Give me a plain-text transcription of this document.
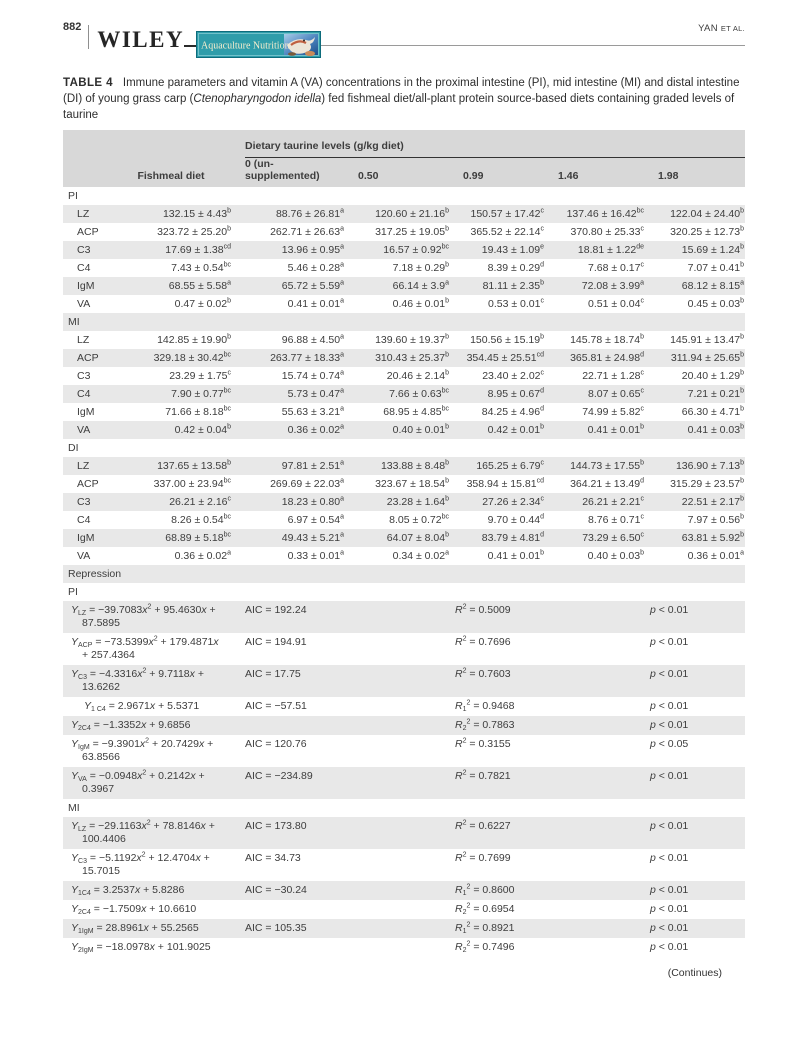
882 WILEY Aquaculture Nutrition
YAN ET AL.

TABLE 4 Immune parameters and vitamin A (VA) concentrations in the proximal intestine (PI), mid intestine (MI) and distal intestine (DI) of young grass carp (Ctenopharyngodon idella) fed fishmeal diet/all-plant protein source-based diets containing graded levels of taurine

		Dietary taurine levels (g/kg diet)				

	Fishmeal diet	0 (un-supplemented)	0.50	0.99	1.46	1.98
PI						
LZ	132.15 ± 4.43$^b$	88.76 ± 26.81$^a$	120.60 ± 21.16$^b$	150.57 ± 17.42$^c$	137.46 ± 16.42$^{bc}$	122.04 ± 24.40$^b$
ACP	323.72 ± 25.20$^b$	262.71 ± 26.63$^a$	317.25 ± 19.05$^b$	365.52 ± 22.14$^c$	370.80 ± 25.33$^c$	320.25 ± 12.73$^b$
C3	17.69 ± 1.38$^{cd}$	13.96 ± 0.95$^a$	16.57 ± 0.92$^{bc}$	19.43 ± 1.09$^e$	18.81 ± 1.22de	15.69 ± 1.24$^b$
C4	7.43 ± 0.54$^{bc}$	5.46 ± 0.28$^a$	7.18 ± 0.29$^b$	8.39 ± 0.29$^d$	7.68 ± 0.17$^c$	7.07 ± 0.41$^b$
IgM	68.55 ± 5.58$^a$	65.72 ± 5.59$^a$	66.14 ± 3.9$^a$	81.11 ± 2.35$^b$	72.08 ± 3.99$^a$	68.12 ± 8.15$^a$
VA	0.47 ± 0.02$^b$	0.41 ± 0.01$^a$	0.46 ± 0.01$^b$	0.53 ± 0.01$^c$	0.51 ± 0.04$^c$	0.45 ± 0.03$^b$
MI						
LZ	142.85 ± 19.90$^b$	96.88 ± 4.50$^a$	139.60 ± 19.37$^b$	150.56 ± 15.19$^b$	145.78 ± 18.74$^b$	145.91 ± 13.47$^b$
ACP	329.18 ± 30.42$^{bc}$	263.77 ± 18.33$^a$	310.43 ± 25.37$^b$	354.45 ± 25.51$^{cd}$	365.81 ± 24.98$^d$	311.94 ± 25.65$^b$
C3	23.29 ± 1.75$^c$	15.74 ± 0.74$^a$	20.46 ± 2.14$^b$	23.40 ± 2.02$^c$	22.71 ± 1.28$^c$	20.40 ± 1.29$^b$
C4	7.90 ± 0.77$^{bc}$	5.73 ± 0.47$^a$	7.66 ± 0.63$^{bc}$	8.95 ± 0.67$^d$	8.07 ± 0.65$^c$	7.21 ± 0.21$^b$
IgM	71.66 ± 8.18$^{bc}$	55.63 ± 3.21$^a$	68.95 ± 4.85$^{bc}$	84.25 ± 4.96$^d$	74.99 ± 5.82$^c$	66.30 ± 4.71$^b$
VA	0.42 ± 0.04$^b$	0.36 ± 0.02$^a$	0.40 ± 0.01$^b$	0.42 ± 0.01$^b$	0.41 ± 0.01$^b$	0.41 ± 0.03$^b$
DI						
LZ	137.65 ± 13.58$^b$	97.81 ± 2.51$^a$	133.88 ± 8.48$^b$	165.25 ± 6.79$^c$	144.73 ± 17.55$^b$	136.90 ± 7.13$^b$
ACP	337.00 ± 23.94$^{bc}$	269.69 ± 22.03$^a$	323.67 ± 18.54$^b$	358.94 ± 15.81$^{cd}$	364.21 ± 13.49$^d$	315.29 ± 23.57$^b$
C3	26.21 ± 2.16$^c$	18.23 ± 0.80$^a$	23.28 ± 1.64$^b$	27.26 ± 2.34$^c$	26.21 ± 2.21$^c$	22.51 ± 2.17$^b$
C4	8.26 ± 0.54$^{bc}$	6.97 ± 0.54$^a$	8.05 ± 0.72$^{bc}$	9.70 ± 0.44$^d$	8.76 ± 0.71$^c$	7.97 ± 0.56$^b$
IgM	68.89 ± 5.18$^{bc}$	49.43 ± 5.21$^a$	64.07 ± 8.04$^b$	83.79 ± 4.81$^d$	73.29 ± 6.50$^c$	63.81 ± 5.92$^b$
VA	0.36 ± 0.02$^a$	0.33 ± 0.01$^a$	0.34 ± 0.02$^a$	0.41 ± 0.01$^b$	0.40 ± 0.03$^b$	0.36 ± 0.01$^a$
Repression						
PI						
$Y_{LZ} = -39.7083x^2 + 95.4630x + 87.5895$		AIC = 192.24		$R^2 = 0.5009$		p < 0.01
$Y_{ACP} = -73.5399x^2 + 179.4871x + 257.4364$		AIC = 194.91		$R^2 = 0.7696$		p < 0.01
$Y_{C3} = -4.3316x^2 + 9.7118x + 13.6262$		AIC = 17.75		$R^2 = 0.7603$		p < 0.01
$Y_{1 C4} = 2.9671x + 5.5371$		AIC = −57.51		$R_1^2 = 0.9468$		p < 0.01
$Y_{2C4} = -1.3352x + 9.6856$				$R_2^2 = 0.7863$		p < 0.01
$Y_{IgM} = -9.3901x^2 + 20.7429x + 63.8566$		AIC = 120.76		$R^2 = 0.3155$		p < 0.05
$Y_{VA} = -0.0948x^2 + 0.2142x + 0.3967$		AIC = −234.89		$R^2 = 0.7821$		p < 0.01
MI						
$Y_{LZ} = -29.1163x^2 + 78.8146x + 100.4406$		AIC = 173.80		$R^2 = 0.6227$		p < 0.01
$Y_{C3} = -5.1192x^2 + 12.4704x + 15.7015$		AIC = 34.73		$R^2 = 0.7699$		p < 0.01
$Y_{1C4} = 3.2537x + 5.8286$		AIC = −30.24		$R_1^2 = 0.8600$		p < 0.01
$Y_{2C4} = -1.7509x + 10.6610$				$R_2^2 = 0.6954$		p < 0.01
$Y_{1IgM} = 28.8961x + 55.2565$		AIC = 105.35		$R_1^2 = 0.8921$		p < 0.01
$Y_{2IgM} = -18.0978x + 101.9025$				$R_2^2 = 0.7496$		p < 0.01
(Continues)
